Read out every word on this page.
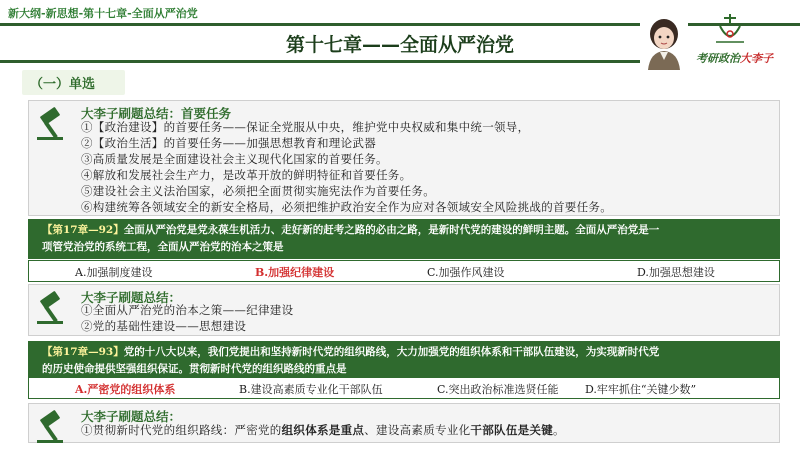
新大纲-新思想-第十七章-全面从严治党
第十七章——全面从严治党
考研政治大李子
（一）单选
大李子刷题总结：首要任务
①【政治建设】的首要任务——保证全党服从中央，维护党中央权威和集中统一领导，
②【政治生活】的首要任务——加强思想教育和理论武器
③高质量发展是全面建设社会主义现代化国家的首要任务。
④解放和发展社会生产力，是改革开放的鲜明特征和首要任务。
⑤建设社会主义法治国家，必须把全面贯彻实施宪法作为首要任务。
⑥构建统筹各领域安全的新安全格局，必须把维护政治安全作为应对各领域安全风险挑战的首要任务。
【第17章—92】全面从严治党是党永葆生机活力、走好新的赶考之路的必由之路，是新时代党的建设的鲜明主题。全面从严治党是一
项管党治党的系统工程，全面从严治党的治本之策是
A.加强制度建设	B.加强纪律建设	C.加强作风建设	D.加强思想建设
大李子刷题总结：
①全面从严治党的治本之策——纪律建设
②党的基础性建设——思想建设
【第17章—93】党的十八大以来，我们党提出和坚持新时代党的组织路线，大力加强党的组织体系和干部队伍建设，为实现新时代党
的历史使命提供坚强组织保证。贯彻新时代党的组织路线的重点是
A.严密党的组织体系	B.建设高素质专业化干部队伍	C.突出政治标准选贤任能 D.牢牢抓住“关键少数”
大李子刷题总结：
①贯彻新时代党的组织路线：严密党的组织体系是重点、建设高素质专业化干部队伍是关键。
